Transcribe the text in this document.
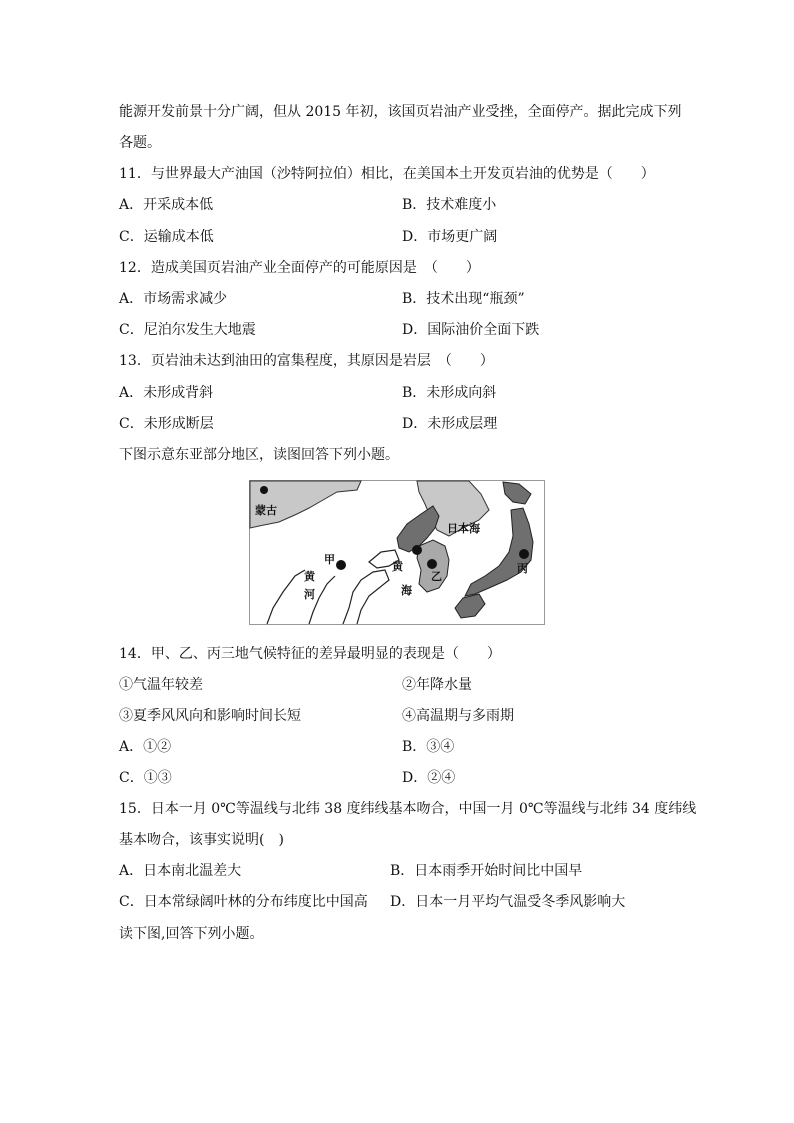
能源开发前景十分广阔，但从 2015 年初，该国页岩油产业受挫，全面停产。据此完成下列
各题。
11．与世界最大产油国（沙特阿拉伯）相比，在美国本土开发页岩油的优势是（　　）
A．开采成本低	B．技术难度小
C．运输成本低	D．市场更广阔
12．造成美国页岩油产业全面停产的可能原因是　（　　）
A．市场需求减少	B．技术出现“瓶颈”
C．尼泊尔发生大地震	D．国际油价全面下跌
13．页岩油未达到油田的富集程度，其原因是岩层　（　　）
A．未形成背斜	B．未形成向斜
C．未形成断层	D．未形成层理
下图示意东亚部分地区，读图回答下列小题。
蒙古
日本海
甲
乙
丙
黄
海
黄
河
14．甲、乙、丙三地气候特征的差异最明显的表现是（　　）
①气温年较差	②年降水量
③夏季风风向和影响时间长短	④高温期与多雨期
A．①②	B．③④
C．①③	D．②④
15．日本一月 0℃等温线与北纬 38 度纬线基本吻合，中国一月 0℃等温线与北纬 34 度纬线
基本吻合，该事实说明(　)
A．日本南北温差大	B．日本雨季开始时间比中国早
C．日本常绿阔叶林的分布纬度比中国高 D．日本一月平均气温受冬季风影响大
读下图,回答下列小题。
